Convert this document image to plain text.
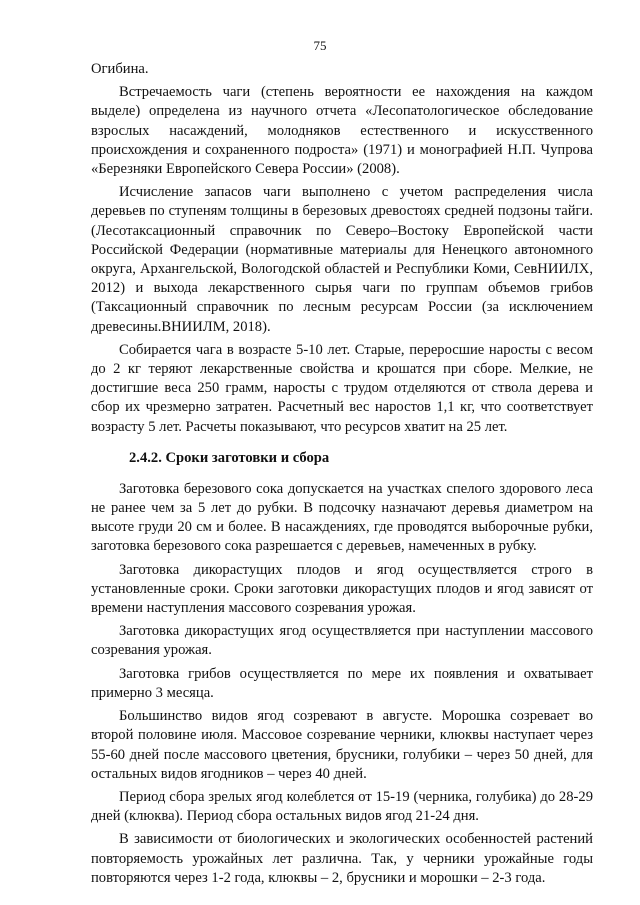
75

Огибина.

Встречаемость чаги (степень вероятности ее нахождения на каждом выделе) определена из научного отчета «Лесопатологическое обследование взрослых насаждений, молодняков естественного и искусственного происхождения и сохраненного подроста» (1971) и монографией Н.П. Чупрова «Березняки Европейского Севера России» (2008).

Исчисление запасов чаги выполнено с учетом распределения числа деревьев по ступеням толщины в березовых древостоях средней подзоны тайги. (Лесотаксационный справочник по Северо–Востоку Европейской части Российской Федерации (нормативные материалы для Ненецкого автономного округа, Архангельской, Вологодской областей и Республики Коми, СевНИИЛХ, 2012) и выхода лекарственного сырья чаги по группам объемов грибов (Таксационный справочник по лесным ресурсам России (за исключением древесины.ВНИИЛМ, 2018).

Собирается чага в возрасте 5-10 лет. Старые, переросшие наросты с весом до 2 кг теряют лекарственные свойства и крошатся при сборе. Мелкие, не достигшие веса 250 грамм, наросты с трудом отделяются от ствола дерева и сбор их чрезмерно затратен. Расчетный вес наростов 1,1 кг, что соответствует возрасту 5 лет. Расчеты показывают, что ресурсов хватит на 25 лет.

2.4.2. Сроки заготовки и сбора

Заготовка березового сока допускается на участках спелого здорового леса не ранее чем за 5 лет до рубки. В подсочку назначают деревья диаметром на высоте груди 20 см и более. В насаждениях, где проводятся выборочные рубки, заготовка березового сока разрешается с деревьев, намеченных в рубку.

Заготовка дикорастущих плодов и ягод осуществляется строго в установленные сроки. Сроки заготовки дикорастущих плодов и ягод зависят от времени наступления массового созревания урожая.

Заготовка дикорастущих ягод осуществляется при наступлении массового созревания урожая.

Заготовка грибов осуществляется по мере их появления и охватывает примерно 3 месяца.

Большинство видов ягод созревают в августе. Морошка созревает во второй половине июля. Массовое созревание черники, клюквы наступает через 55-60 дней после массового цветения, брусники, голубики – через 50 дней, для остальных видов ягодников – через 40 дней.

Период сбора зрелых ягод колеблется от 15-19 (черника, голубика) до 28-29 дней (клюква). Период сбора остальных видов ягод 21-24 дня.

В зависимости от биологических и экологических особенностей растений повторяемость урожайных лет различна. Так, у черники урожайные годы повторяются через 1-2 года, клюквы – 2, брусники и морошки – 2-3 года.
